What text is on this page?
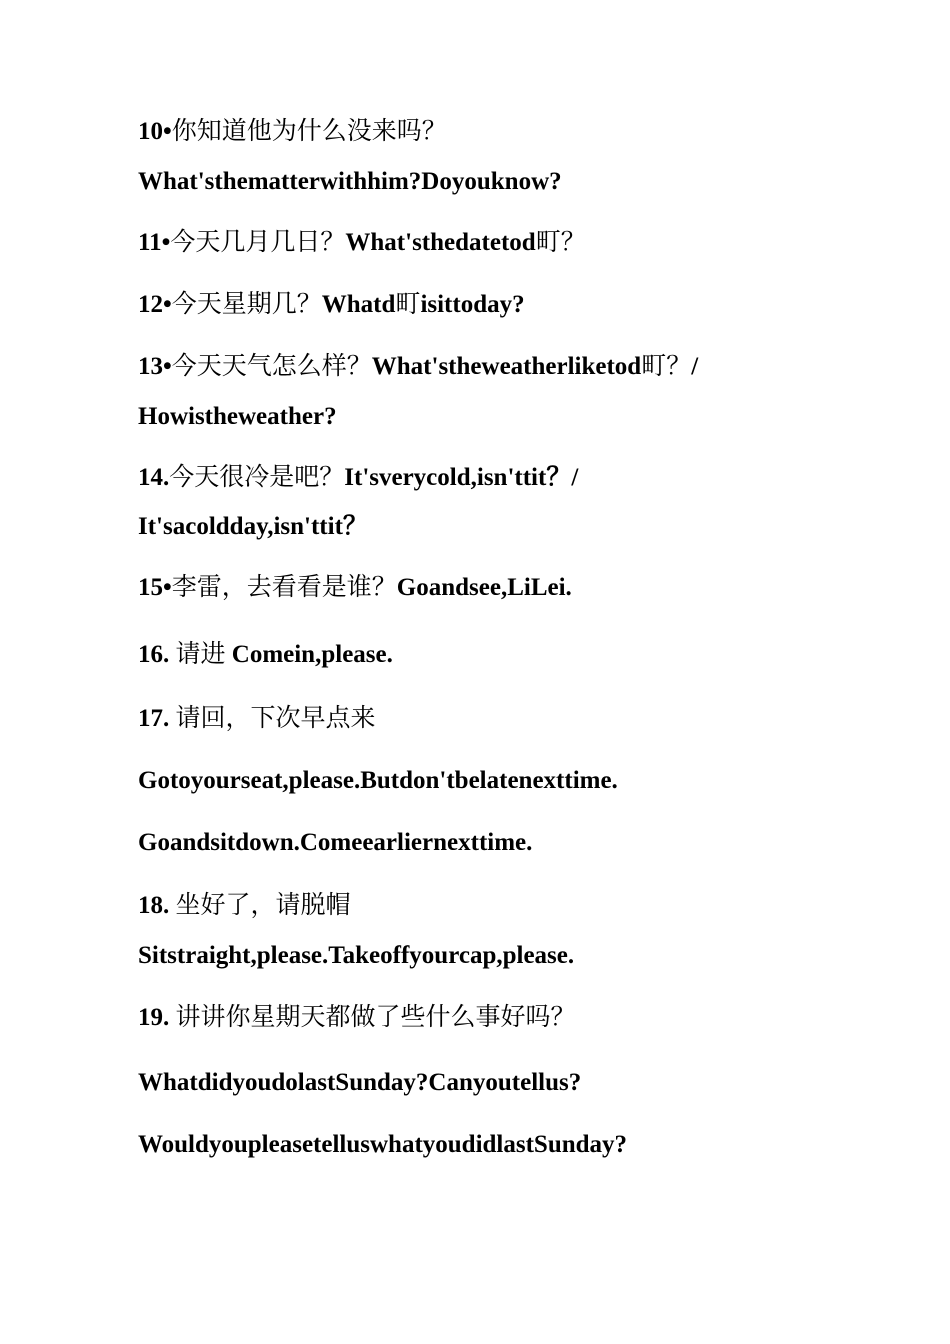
10•你知道他为什么没来吗？
What'sthematterwithhim?Doyouknow?
11•今天几月几日？What'sthedatetod町？
12•今天星期几？Whatd町isittoday?
13•今天天气怎么样？What'stheweatherliketod町？/
Howistheweather?
14.今天很冷是吧？It'sverycold,isn'ttit？/
It'sacoldday,isn'ttit？
15•李雷，去看看是谁？Goandsee,LiLei.
16. 请进 Comein,please.
17. 请回，下次早点来
Gotoyourseat,please.Butdon'tbelatenexttime.
Goandsitdown.Comeearliernexttime.
18. 坐好了，请脱帽
Sitstraight,please.Takeoffyourcap,please.
19. 讲讲你星期天都做了些什么事好吗？
WhatdidyoudolastSunday?Canyoutellus?
WouldyoupleasetelluswhatyoudidlastSunday?
